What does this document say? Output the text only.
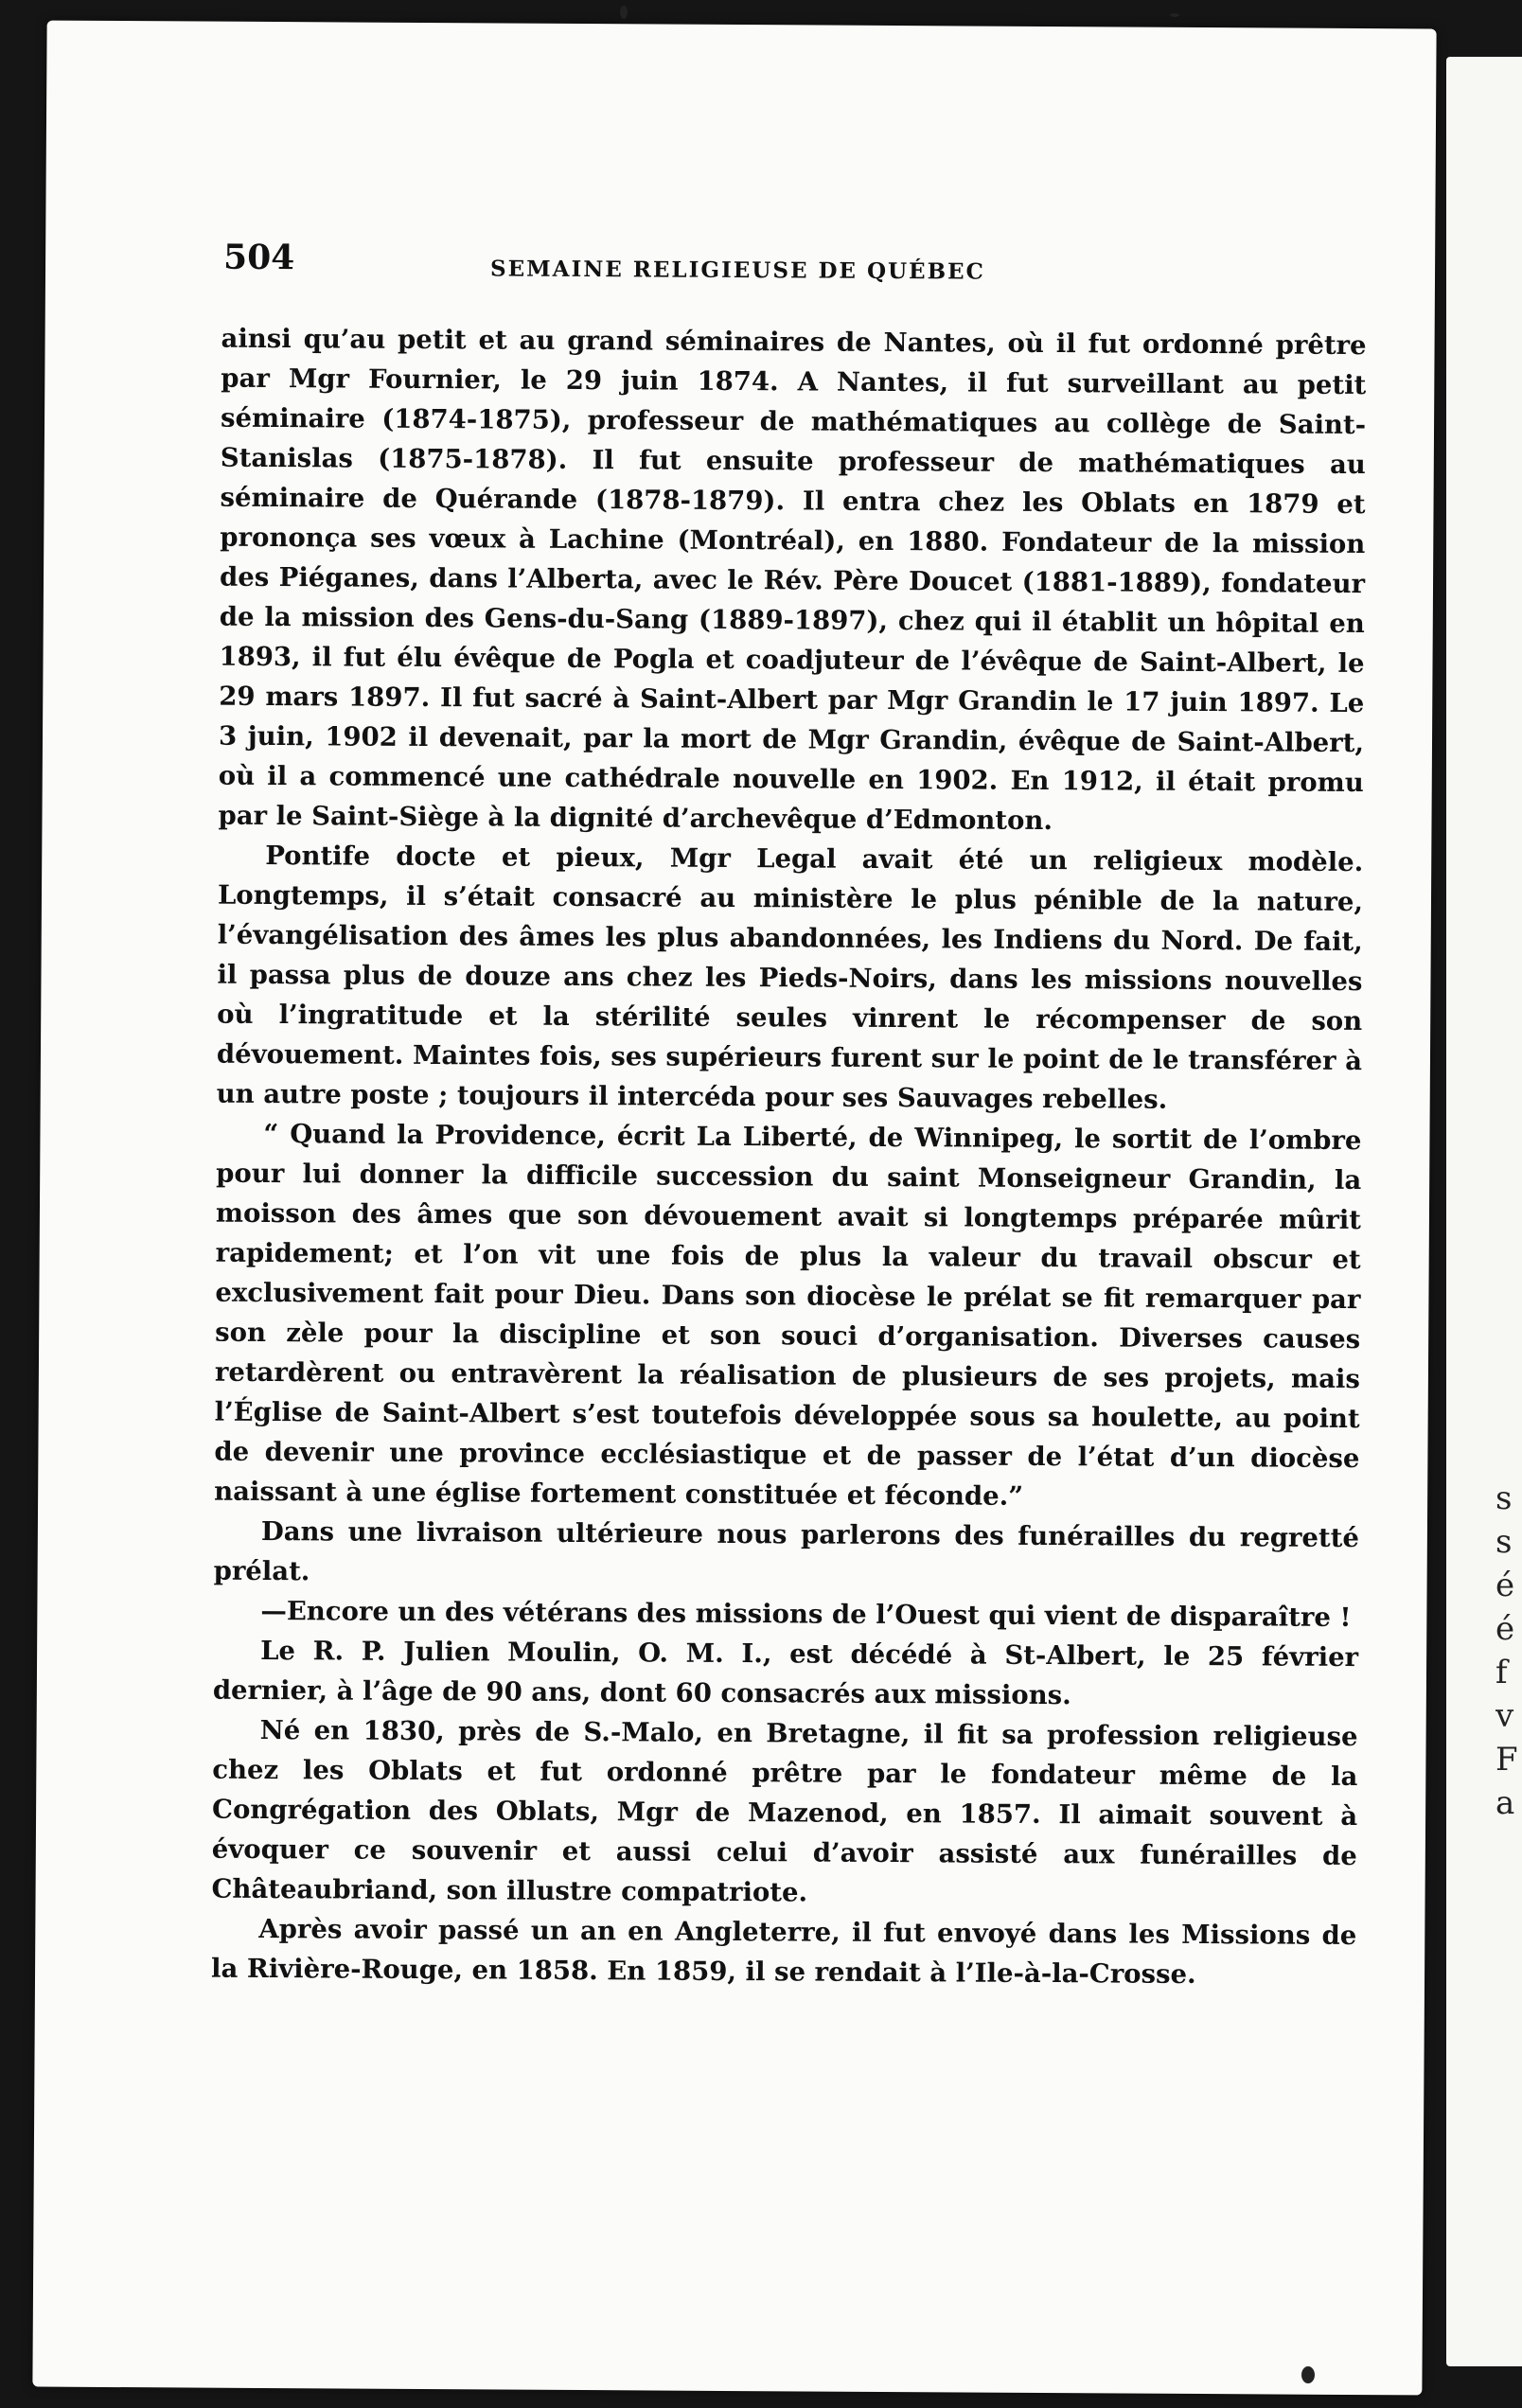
504	SEMAINE RELIGIEUSE DE QUÉBEC

ainsi qu’au petit et au grand séminaires de Nantes, où il fut ordonné prêtre par Mgr Fournier, le 29 juin 1874. A Nantes, il fut surveillant au petit séminaire (1874-1875), professeur de mathématiques au collège de Saint-Stanislas (1875-1878). Il fut ensuite professeur de mathématiques au séminaire de Quérande (1878-1879). Il entra chez les Oblats en 1879 et prononça ses vœux à Lachine (Montréal), en 1880. Fondateur de la mission des Piéganes, dans l’Alberta, avec le Rév. Père Doucet (1881-1889), fondateur de la mission des Gens-du-Sang (1889-1897), chez qui il établit un hôpital en 1893, il fut élu évêque de Pogla et coadjuteur de l’évêque de Saint-Albert, le 29 mars 1897. Il fut sacré à Saint-Albert par Mgr Grandin le 17 juin 1897. Le 3 juin, 1902 il devenait, par la mort de Mgr Grandin, évêque de Saint-Albert, où il a commencé une cathédrale nouvelle en 1902. En 1912, il était promu par le Saint-Siège à la dignité d’archevêque d’Edmonton.

Pontife docte et pieux, Mgr Legal avait été un religieux modèle. Longtemps, il s’était consacré au ministère le plus pénible de la nature, l’évangélisation des âmes les plus abandonnées, les Indiens du Nord. De fait, il passa plus de douze ans chez les Pieds-Noirs, dans les missions nouvelles où l’ingratitude et la stérilité seules vinrent le récompenser de son dévouement. Maintes fois, ses supérieurs furent sur le point de le transférer à un autre poste ; toujours il intercéda pour ses Sauvages rebelles.

“ Quand la Providence, écrit La Liberté, de Winnipeg, le sortit de l’ombre pour lui donner la difficile succession du saint Monseigneur Grandin, la moisson des âmes que son dévouement avait si longtemps préparée mûrit rapidement; et l’on vit une fois de plus la valeur du travail obscur et exclusivement fait pour Dieu. Dans son diocèse le prélat se fit remarquer par son zèle pour la discipline et son souci d’organisation. Diverses causes retardèrent ou entravèrent la réalisation de plusieurs de ses projets, mais l’Église de Saint-Albert s’est toutefois développée sous sa houlette, au point de devenir une province ecclésiastique et de passer de l’état d’un diocèse naissant à une église fortement constituée et féconde.”

Dans une livraison ultérieure nous parlerons des funérailles du regretté prélat.

—Encore un des vétérans des missions de l’Ouest qui vient de disparaître !

Le R. P. Julien Moulin, O. M. I., est décédé à St-Albert, le 25 février dernier, à l’âge de 90 ans, dont 60 consacrés aux missions.

Né en 1830, près de S.-Malo, en Bretagne, il fit sa profession religieuse chez les Oblats et fut ordonné prêtre par le fondateur même de la Congrégation des Oblats, Mgr de Mazenod, en 1857. Il aimait souvent à évoquer ce souvenir et aussi celui d’avoir assisté aux funérailles de Châteaubriand, son illustre compatriote.

Après avoir passé un an en Angleterre, il fut envoyé dans les Missions de la Rivière-Rouge, en 1858. En 1859, il se rendait à l’Ile-à-la-Crosse.

s s é é f v F a
